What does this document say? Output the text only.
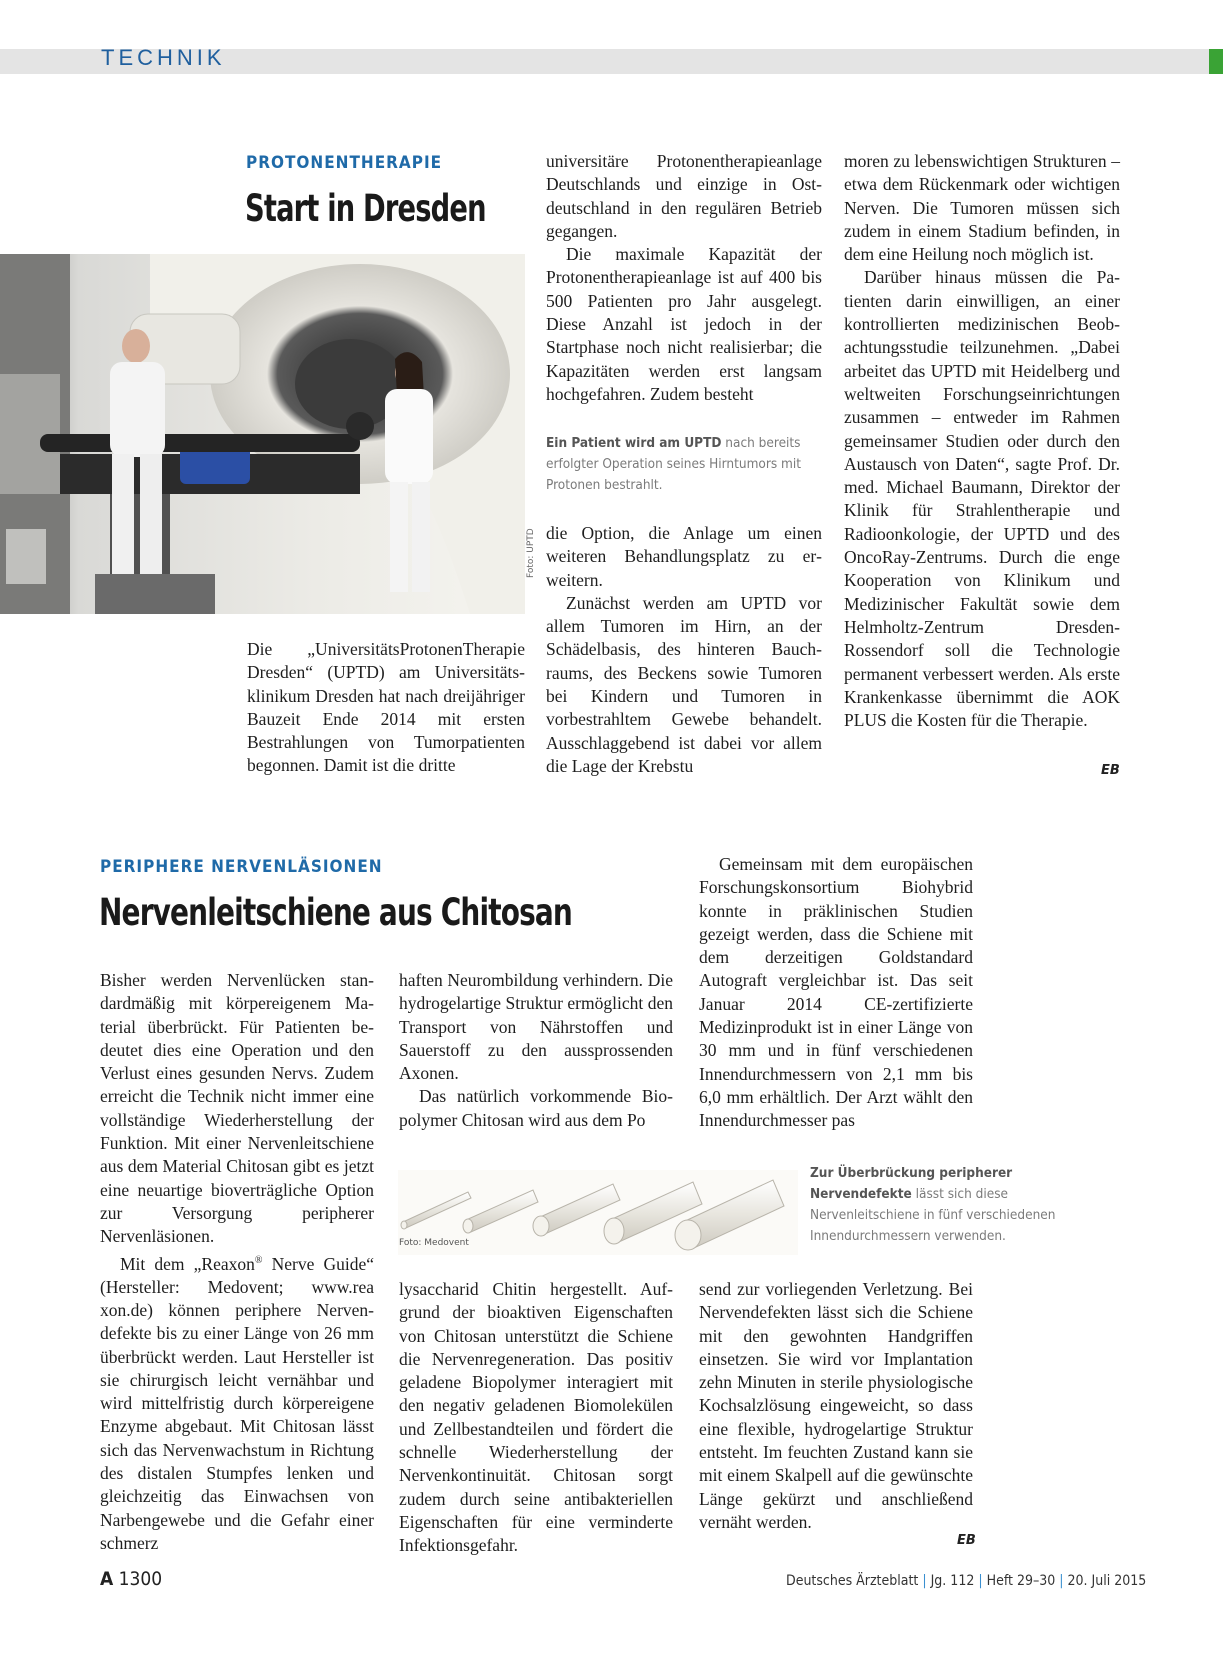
TECHNIK
PROTONENTHERAPIE
Start in Dresden
Foto: UPTD

Die „UniversitätsProtonenTherapie Dresden“ (UPTD) am Universitätsklinikum Dresden hat nach dreijähriger Bauzeit Ende 2014 mit ersten Bestrahlungen von Tumorpatienten begonnen. Damit ist die dritte

universitäre Protonentherapieanlage Deutschlands und einzige in Ostdeutschland in den regulären Betrieb gegangen.

Die maximale Kapazität der Protonentherapieanlage ist auf 400 bis 500 Patienten pro Jahr ausgelegt. Diese Anzahl ist jedoch in der Startphase noch nicht realisierbar; die Kapazitäten werden erst langsam hochgefahren. Zudem besteht

Ein Patient wird am UPTD nach bereits erfolgter Operation seines Hirntumors mit Protonen bestrahlt.

die Option, die Anlage um einen weiteren Behandlungsplatz zu erweitern.

Zunächst werden am UPTD vor allem Tumoren im Hirn, an der Schädelbasis, des hinteren Bauchraums, des Beckens sowie Tumoren bei Kindern und Tumoren in vorbestrahltem Gewebe behandelt. Ausschlaggebend ist dabei vor allem die Lage der Krebstu

moren zu lebenswichtigen Strukturen – etwa dem Rückenmark oder wichtigen Nerven. Die Tumoren müssen sich zudem in einem Stadium befinden, in dem eine Heilung noch möglich ist.

Darüber hinaus müssen die Patienten darin einwilligen, an einer kontrollierten medizinischen Beobachtungsstudie teilzunehmen. „Dabei arbeitet das UPTD mit Heidelberg und weltweiten Forschungseinrichtungen zusammen – entweder im Rahmen gemeinsamer Studien oder durch den Austausch von Daten“, sagte Prof. Dr. med. Michael Baumann, Direktor der Klinik für Strahlentherapie und Radioonkologie, der UPTD und des OncoRay-Zentrums. Durch die enge Kooperation von Klinikum und Medizinischer Fakultät sowie dem Helmholtz-Zentrum Dresden-Rossendorf soll die Technologie permanent verbessert werden. Als erste Krankenkasse übernimmt die AOK PLUS die Kosten für die Therapie.

EB
PERIPHERE NERVENLÄSIONEN
Nervenleitschiene aus Chitosan

Bisher werden Nervenlücken standardmäßig mit körpereigenem Material überbrückt. Für Patienten bedeutet dies eine Operation und den Verlust eines gesunden Nervs. Zudem erreicht die Technik nicht immer eine vollständige Wiederherstellung der Funktion. Mit einer Nervenleitschiene aus dem Material Chitosan gibt es jetzt eine neuartige bioverträgliche Option zur Versorgung peripherer Nervenläsionen.

Mit dem „Reaxon® Nerve Guide“ (Hersteller: Medovent; www.rea xon.de) können periphere Nervendefekte bis zu einer Länge von 26 mm überbrückt werden. Laut Hersteller ist sie chirurgisch leicht vernähbar und wird mittelfristig durch körpereigene Enzyme abgebaut. Mit Chitosan lässt sich das Nervenwachstum in Richtung des distalen Stumpfes lenken und gleichzeitig das Einwachsen von Narbengewebe und die Gefahr einer schmerz

haften Neurombildung verhindern. Die hydrogelartige Struktur ermöglicht den Transport von Nährstoffen und Sauerstoff zu den aussprossenden Axonen.

Das natürlich vorkommende Biopolymer Chitosan wird aus dem Po

Foto: Medovent
Zur Überbrückung peripherer Nervendefekte lässt sich diese Nervenleitschiene in fünf verschiedenen Innendurchmessern verwenden.

lysaccharid Chitin hergestellt. Aufgrund der bioaktiven Eigenschaften von Chitosan unterstützt die Schiene die Nervenregeneration. Das positiv geladene Biopolymer interagiert mit den negativ geladenen Biomolekülen und Zellbestandteilen und fördert die schnelle Wiederherstellung der Nervenkontinuität. Chitosan sorgt zudem durch seine antibakteriellen Eigenschaften für eine verminderte Infektionsgefahr.

Gemeinsam mit dem europäischen Forschungskonsortium Biohybrid konnte in präklinischen Studien gezeigt werden, dass die Schiene mit dem derzeitigen Goldstandard Autograft vergleichbar ist. Das seit Januar 2014 CE-zertifizierte Medizinprodukt ist in einer Länge von 30 mm und in fünf verschiedenen Innendurchmessern von 2,1 mm bis 6,0 mm erhältlich. Der Arzt wählt den Innendurchmesser pas

send zur vorliegenden Verletzung. Bei Nervendefekten lässt sich die Schiene mit den gewohnten Handgriffen einsetzen. Sie wird vor Implantation zehn Minuten in sterile physiologische Kochsalzlösung eingeweicht, so dass eine flexible, hydrogelartige Struktur entsteht. Im feuchten Zustand kann sie mit einem Skalpell auf die gewünschte Länge gekürzt und anschließend vernäht werden.

EB
A 1300	Deutsches Ärzteblatt | Jg. 112 | Heft 29–30 | 20. Juli 2015
